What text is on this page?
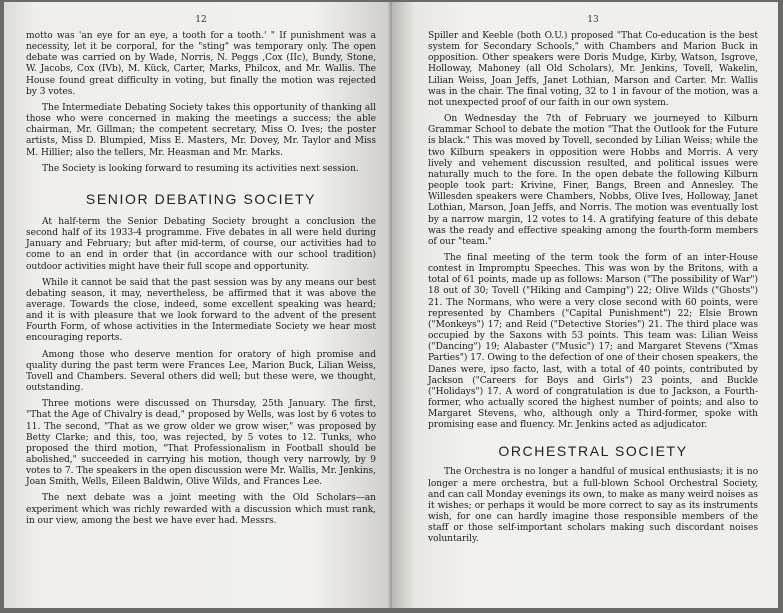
12

motto was 'an eye for an eye, a tooth for a tooth.' " If punishment was a necessity, let it be corporal, for the "sting" was temporary only. The open debate was carried on by Wade, Norris, N. Peggs ,Cox (IIc), Bundy, Stone, W. Jacobs, Cox (IVb), M. Kück, Carter, Marks, Philcox, and Mr. Wallis. The House found great difficulty in voting, but finally the motion was rejected by 3 votes.

The Intermediate Debating Society takes this opportunity of thanking all those who were concerned in making the meetings a success; the able chairman, Mr. Gillman; the competent secretary, Miss O. Ives; the poster artists, Miss D. Blumpied, Miss E. Masters, Mr. Dovey, Mr. Taylor and Miss M. Hillier; also the tellers, Mr. Heasman and Mr. Marks.

The Society is looking forward to resuming its activities next session.

SENIOR DEBATING SOCIETY

At half-term the Senior Debating Society brought a conclusion the second half of its 1933-4 programme. Five debates in all were held during January and February; but after mid-term, of course, our activities had to come to an end in order that (in accordance with our school tradition) outdoor activities might have their full scope and opportunity.

While it cannot be said that the past session was by any means our best debating season, it may, nevertheless, be affirmed that it was above the average. Towards the close, indeed, some excellent speaking was heard; and it is with pleasure that we look forward to the advent of the present Fourth Form, of whose activities in the Intermediate Society we hear most encouraging reports.

Among those who deserve mention for oratory of high promise and quality during the past term were Frances Lee, Marion Buck, Lilian Weiss, Tovell and Chambers. Several others did well; but these were, we thought, outstanding.

Three motions were discussed on Thursday, 25th January. The first, "That the Age of Chivalry is dead," proposed by Wells, was lost by 6 votes to 11. The second, "That as we grow older we grow wiser," was proposed by Betty Clarke; and this, too, was rejected, by 5 votes to 12. Tunks, who proposed the third motion, "That Professionalism in Football should be abolished," succeeded in carrying his motion, though very narrowly, by 9 votes to 7. The speakers in the open discussion were Mr. Wallis, Mr. Jenkins, Joan Smith, Wells, Eileen Baldwin, Olive Wilds, and Frances Lee.

The next debate was a joint meeting with the Old Scholars—an experiment which was richly rewarded with a discussion which must rank, in our view, among the best we have ever had. Messrs.

13

Spiller and Keeble (both O.U.) proposed "That Co-education is the best system for Secondary Schools," with Chambers and Marion Buck in opposition. Other speakers were Doris Mudge, Kirby, Watson, Isgrove, Holloway, Mahoney (all Old Scholars), Mr. Jenkins, Tovell, Wakelin, Lilian Weiss, Joan Jeffs, Janet Lothian, Marson and Carter. Mr. Wallis was in the chair. The final voting, 32 to 1 in favour of the motion, was a not unexpected proof of our faith in our own system.

On Wednesday the 7th of February we journeyed to Kilburn Grammar School to debate the motion "That the Outlook for the Future is black." This was moved by Tovell, seconded by Lilian Weiss; while the two Kilburn speakers in opposition were Hobbs and Morris. A very lively and vehement discussion resulted, and political issues were naturally much to the fore. In the open debate the following Kilburn people took part: Krivine, Finer, Bangs, Breen and Annesley. The Willesden speakers were Chambers, Nobbs, Olive Ives, Holloway, Janet Lothian, Marson, Joan Jeffs, and Norris. The motion was eventually lost by a narrow margin, 12 votes to 14. A gratifying feature of this debate was the ready and effective speaking among the fourth-form members of our "team."

The final meeting of the term took the form of an inter-House contest in Impromptu Speeches. This was won by the Britons, with a total of 61 points, made up as follows: Marson ("The possibility of War") 18 out of 30; Tovell ("Hiking and Camping") 22; Olive Wilds ("Ghosts") 21. The Normans, who were a very close second with 60 points, were represented by Chambers ("Capital Punishment") 22; Elsie Brown ("Monkeys") 17; and Reid ("Detective Stories") 21. The third place was occupied by the Saxons with 53 points. This team was: Lilian Weiss ("Dancing") 19; Alabaster ("Music") 17; and Margaret Stevens ("Xmas Parties") 17. Owing to the defection of one of their chosen speakers, the Danes were, ipso facto, last, with a total of 40 points, contributed by Jackson ("Careers for Boys and Girls") 23 points, and Buckle ("Holidays") 17. A word of congratulation is due to Jackson, a Fourth-former, who actually scored the highest number of points; and also to Margaret Stevens, who, although only a Third-former, spoke with promising ease and fluency. Mr. Jenkins acted as adjudicator.

ORCHESTRAL SOCIETY

The Orchestra is no longer a handful of musical enthusiasts; it is no longer a mere orchestra, but a full-blown School Orchestral Society, and can call Monday evenings its own, to make as many weird noises as it wishes; or perhaps it would be more correct to say as its instruments wish, for one can hardly imagine those responsible members of the staff or those self-important scholars making such discordant noises voluntarily.
